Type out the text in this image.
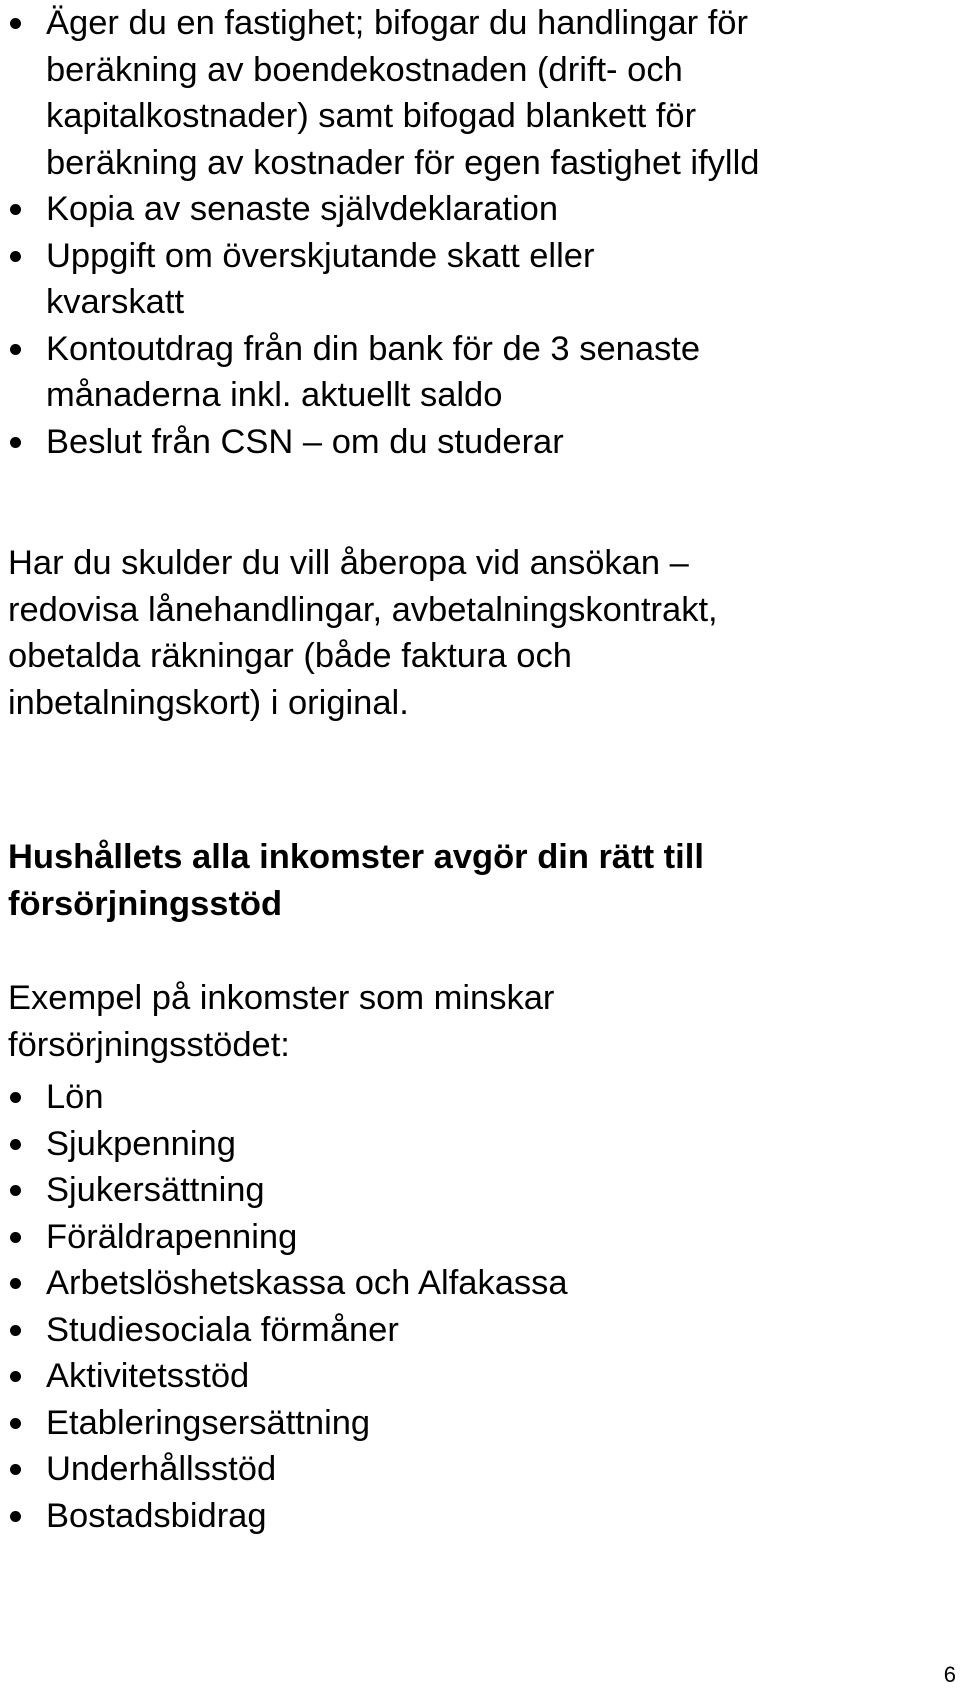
Äger du en fastighet; bifogar du handlingar för
beräkning av boendekostnaden (drift- och
kapitalkostnader) samt bifogad blankett för
beräkning av kostnader för egen fastighet ifylld
Kopia av senaste självdeklaration
Uppgift om överskjutande skatt eller
kvarskatt
Kontoutdrag från din bank för de 3 senaste
månaderna inkl. aktuellt saldo
Beslut från CSN – om du studerar
Har du skulder du vill åberopa vid ansökan –
redovisa lånehandlingar, avbetalningskontrakt,
obetalda räkningar (både faktura och
inbetalningskort) i original.
Hushållets alla inkomster avgör din rätt till
försörjningsstöd
Exempel på inkomster som minskar
försörjningsstödet:
Lön
Sjukpenning
Sjukersättning
Föräldrapenning
Arbetslöshetskassa och Alfakassa
Studiesociala förmåner
Aktivitetsstöd
Etableringsersättning
Underhållsstöd
Bostadsbidrag
6
